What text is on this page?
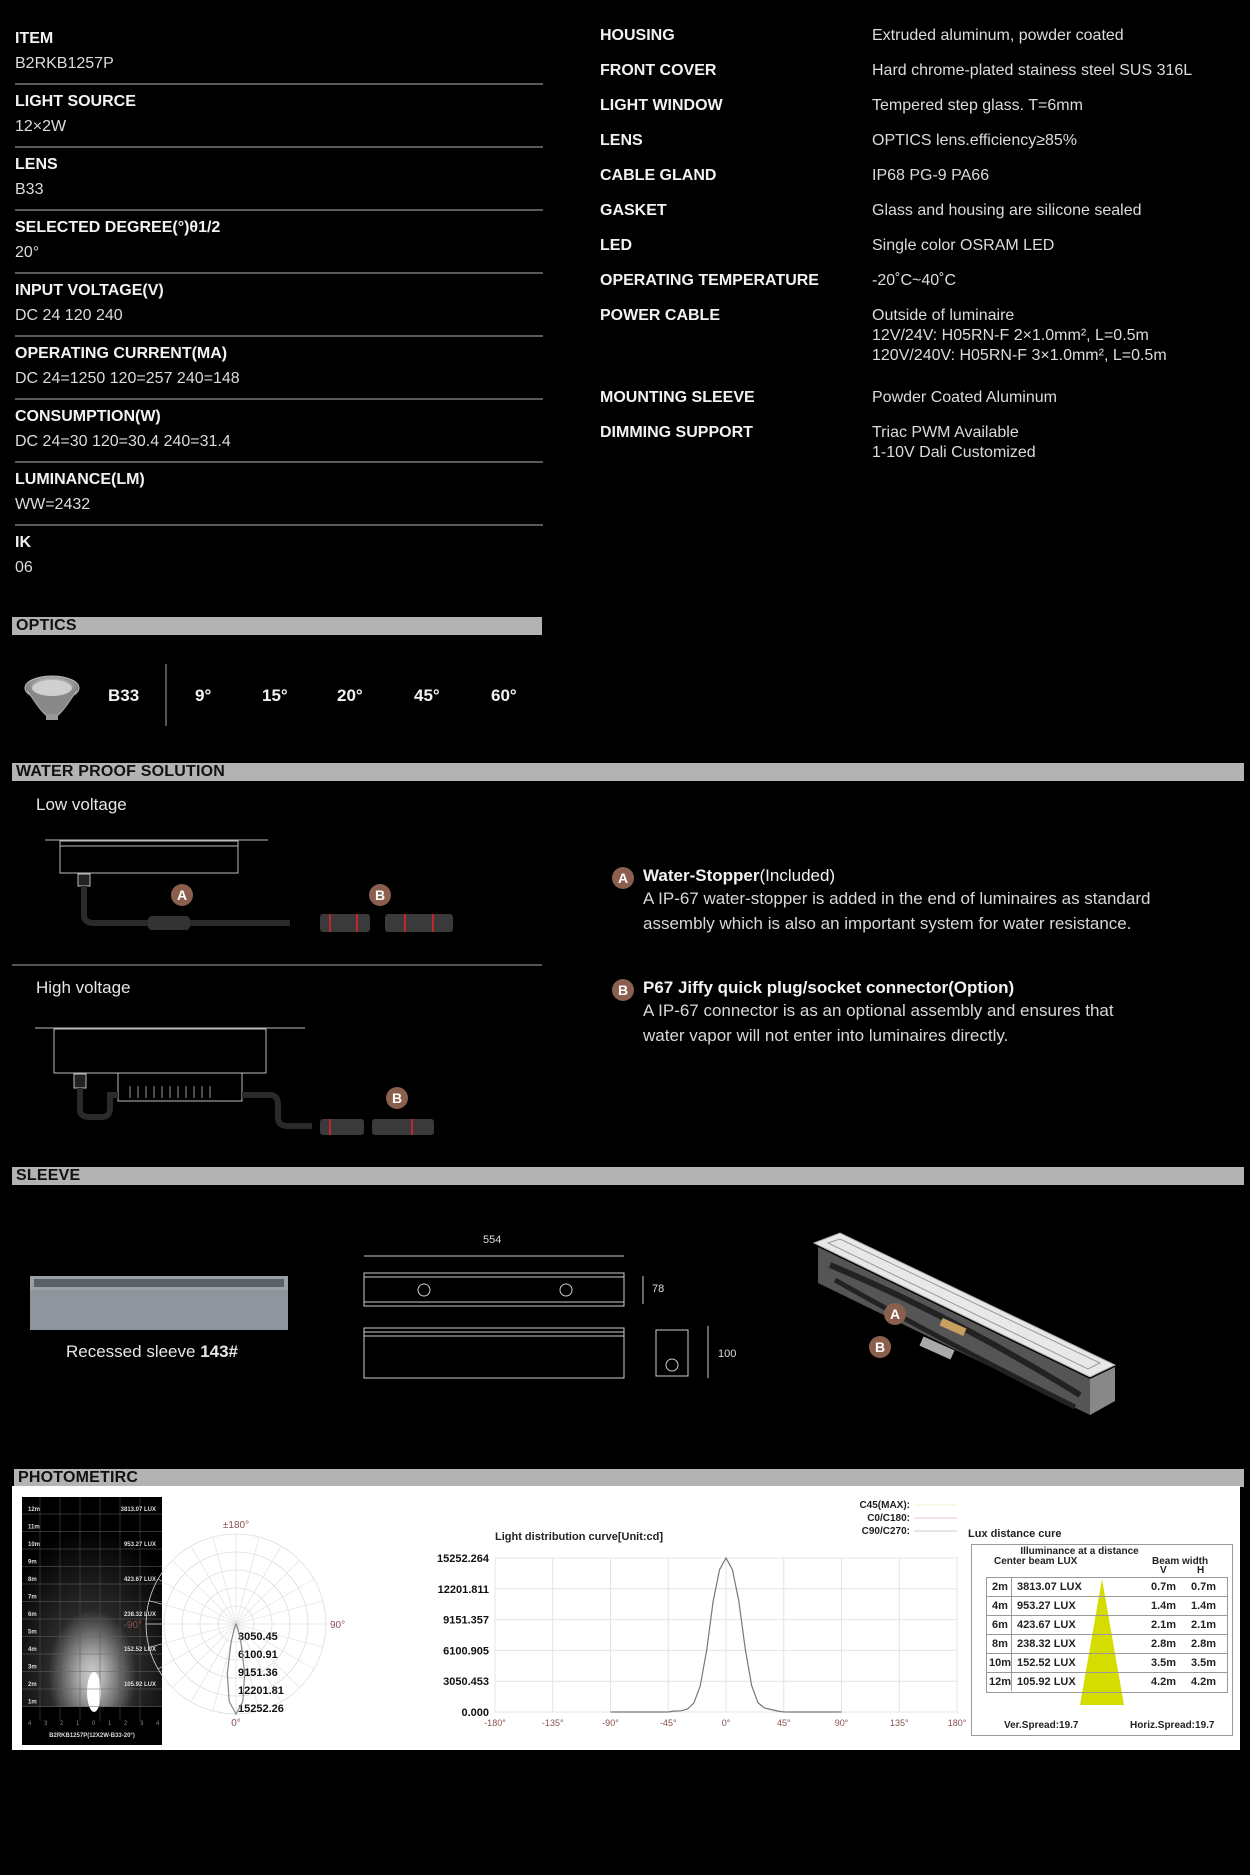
ITEM
B2RKB1257P
LIGHT SOURCE
12×2W
LENS
B33
SELECTED DEGREE(°)θ1/2
20°
INPUT VOLTAGE(V)
DC 24 120 240
OPERATING CURRENT(MA)
DC 24=1250 120=257 240=148
CONSUMPTION(W)
DC 24=30 120=30.4 240=31.4
LUMINANCE(LM)
WW=2432
IK
06
HOUSING	Extruded aluminum, powder coated
FRONT COVER	Hard chrome-plated stainess steel SUS 316L
LIGHT WINDOW	Tempered step glass. T=6mm
LENS	OPTICS lens.efficiency≥85%
CABLE GLAND	IP68 PG-9 PA66
GASKET	Glass and housing are silicone sealed
LED	Single color OSRAM LED
OPERATING TEMPERATURE	-20˚C~40˚C
POWER CABLE	Outside of luminaire
12V/24V: H05RN-F 2×1.0mm², L=0.5m
120V/240V: H05RN-F 3×1.0mm², L=0.5m
MOUNTING SLEEVE	Powder Coated Aluminum
DIMMING SUPPORT	Triac PWM Available
1-10V Dali Customized
OPTICS
B33	9°	15°	20°	45°	60°
WATER PROOF SOLUTION
Low voltage
A	B
High voltage
B
A Water-Stopper(Included)
A IP-67 water-stopper is added in the end of luminaires as standard
assembly which is also an important system for water resistance.
B P67 Jiffy quick plug/socket connector(Option)
A IP-67 connector is as an optional assembly and ensures that
water vapor will not enter into luminaires directly.
SLEEVE
Recessed sleeve 143#
554
78
100
A
B
PHOTOMETIRC
12m
11m
10m
9m
8m
7m
6m
5m
4m
3m
2m
1m
3813.07 LUX
953.27 LUX
423.67 LUX
238.32 LUX
152.52 LUX
105.92 LUX
4 3 2 1 0 1 2 3 4
B2RKB1257P(12X2W-B33-20°)
±180°
-90°	90°
0°
3050.45
6100.91
9151.36
12201.81
15252.26
Light distribution curve[Unit:cd]
15252.264
12201.811
9151.357
6100.905
3050.453
0.000
-180°	-135°	-90°	-45°	0°	45°	90°	135°	180°
C45(MAX):
C0/C180:
C90/C270:	Lux distance cure
Illuminance at a distance
Center beam LUX	Beam width
V	H
2m 3813.07 LUX	0.7m 0.7m
4m 953.27 LUX	1.4m 1.4m
6m 423.67 LUX	2.1m 2.1m
8m 238.32 LUX	2.8m 2.8m
10m 152.52 LUX	3.5m 3.5m
12m 105.92 LUX	4.2m 4.2m
Ver.Spread:19.7	Horiz.Spread:19.7
